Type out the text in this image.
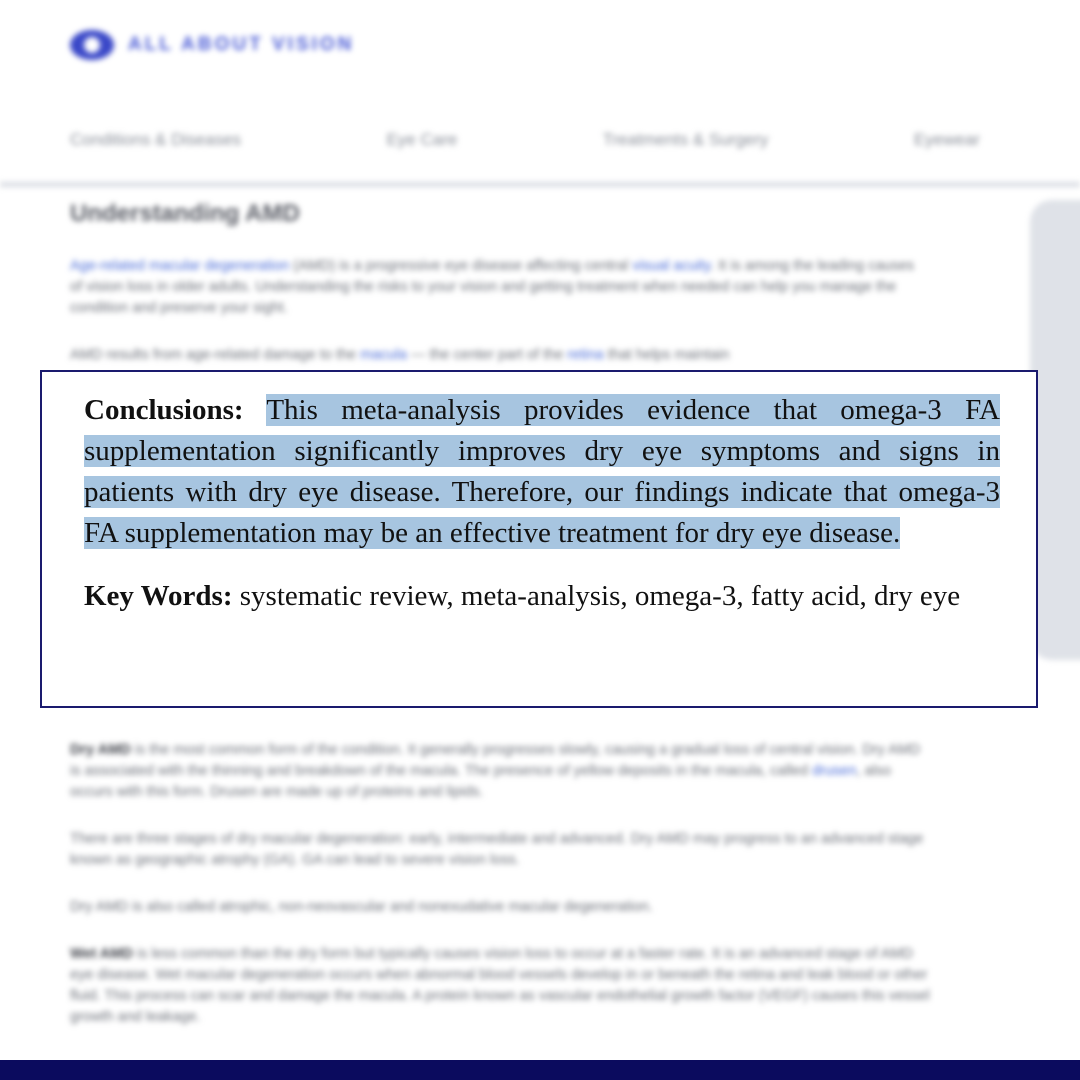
ALL ABOUT VISION
Conditions & Diseases	Eye Care	Treatments & Surgery	Eyewear
Understanding AMD

Age-related macular degeneration (AMD) is a progressive eye disease affecting central visual acuity. It is among the leading causes of vision loss in older adults. Understanding the risks to your vision and getting treatment when needed can help you manage the condition and preserve your sight.

AMD results from age-related damage to the macula — the center part of the retina that helps maintain

Dry AMD is the most common form of the condition. It generally progresses slowly, causing a gradual loss of central vision. Dry AMD is associated with the thinning and breakdown of the macula. The presence of yellow deposits in the macula, called drusen, also occurs with this form. Drusen are made up of proteins and lipids.

There are three stages of dry macular degeneration: early, intermediate and advanced. Dry AMD may progress to an advanced stage known as geographic atrophy (GA). GA can lead to severe vision loss.

Dry AMD is also called atrophic, non-neovascular and nonexudative macular degeneration.

Wet AMD is less common than the dry form but typically causes vision loss to occur at a faster rate. It is an advanced stage of AMD eye disease. Wet macular degeneration occurs when abnormal blood vessels develop in or beneath the retina and leak blood or other fluid. This process can scar and damage the macula. A protein known as vascular endothelial growth factor (VEGF) causes this vessel growth and leakage.

Conclusions: This meta-analysis provides evidence that omega-3 FA supplementation significantly improves dry eye symptoms and signs in patients with dry eye disease. Therefore, our findings indicate that omega-3 FA supplementation may be an effective treatment for dry eye disease.

Key Words: systematic review, meta-analysis, omega-3, fatty acid, dry eye
